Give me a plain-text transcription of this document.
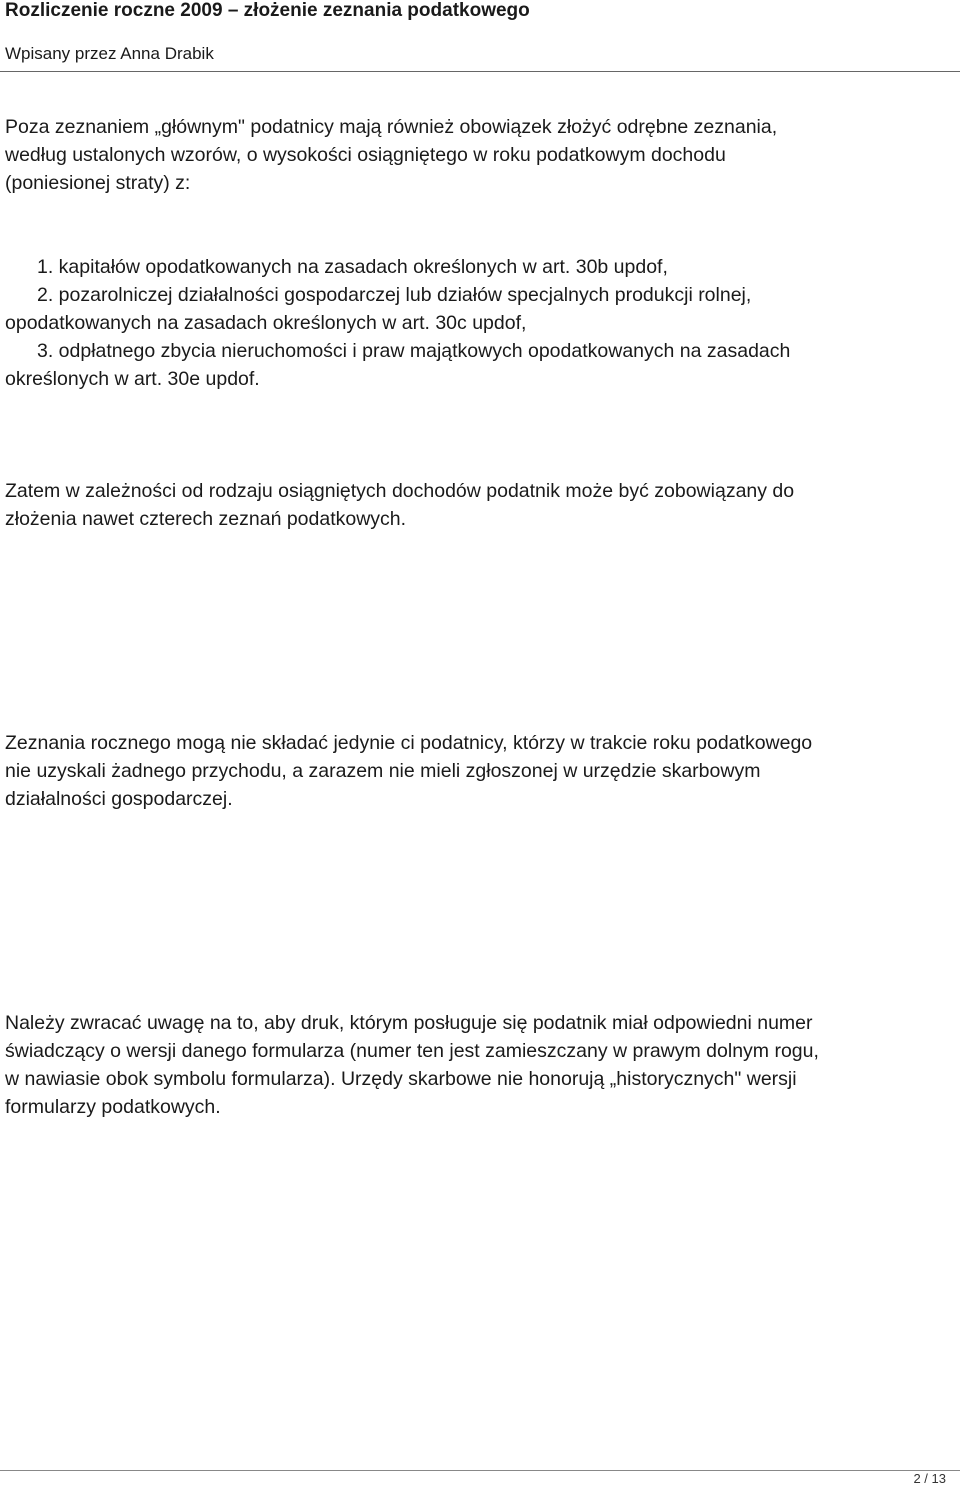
Rozliczenie roczne 2009 – złożenie zeznania podatkowego
Wpisany przez Anna Drabik
Poza zeznaniem „głównym" podatnicy mają również obowiązek złożyć odrębne zeznania,
według ustalonych wzorów, o wysokości osiągniętego w roku podatkowym dochodu
(poniesionej straty) z:
1. kapitałów opodatkowanych na zasadach określonych w art. 30b updof,
2. pozarolniczej działalności gospodarczej lub działów specjalnych produkcji rolnej,
opodatkowanych na zasadach określonych w art. 30c updof,
3. odpłatnego zbycia nieruchomości i praw majątkowych opodatkowanych na zasadach
określonych w art. 30e updof.
Zatem w zależności od rodzaju osiągniętych dochodów podatnik może być zobowiązany do
złożenia nawet czterech zeznań podatkowych.
Zeznania rocznego mogą nie składać jedynie ci podatnicy, którzy w trakcie roku podatkowego
nie uzyskali żadnego przychodu, a zarazem nie mieli zgłoszonej w urzędzie skarbowym
działalności gospodarczej.
Należy zwracać uwagę na to, aby druk, którym posługuje się podatnik miał odpowiedni numer
świadczący o wersji danego formularza (numer ten jest zamieszczany w prawym dolnym rogu,
w nawiasie obok symbolu formularza). Urzędy skarbowe nie honorują „historycznych" wersji
formularzy podatkowych.
2 / 13
